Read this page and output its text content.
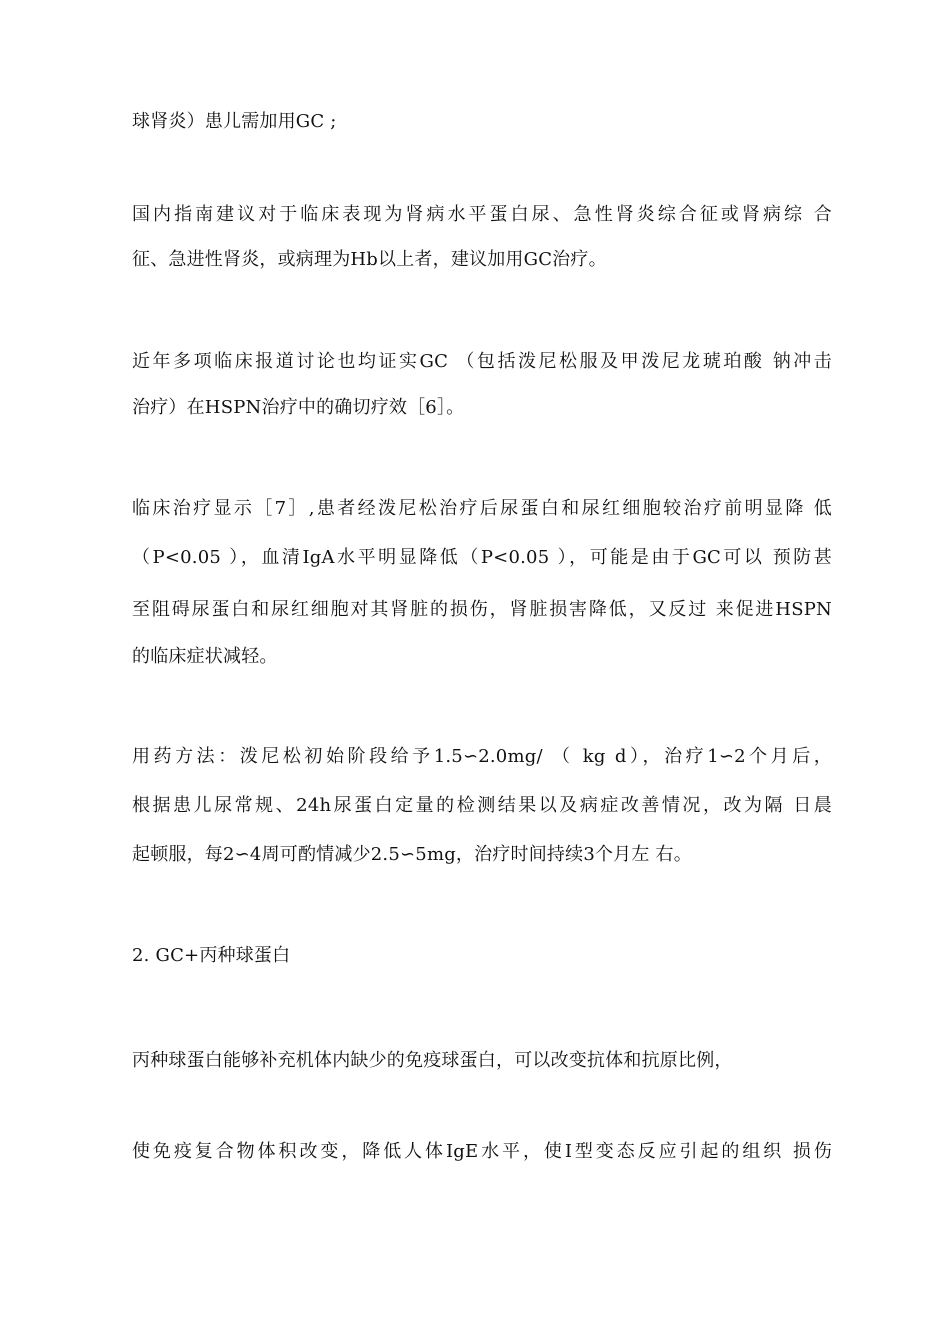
球肾炎）患儿需加用GC ;
国内指南建议对于临床表现为肾病水平蛋白尿、急性肾炎综合征或肾病综 合
征、急进性肾炎，或病理为Hb以上者，建议加用GC治疗。
近年多项临床报道讨论也均证实GC （包括泼尼松服及甲泼尼龙琥珀酸 钠冲击
治疗）在HSPN治疗中的确切疗效［6］。
临床治疗显示［7］,患者经泼尼松治疗后尿蛋白和尿红细胞较治疗前明显降 低
（P<0.05 ），血清IgA水平明显降低（P<0.05 ），可能是由于GC可以 预防甚
至阻碍尿蛋白和尿红细胞对其肾脏的损伤，肾脏损害降低，又反过 来促进HSPN
的临床症状减轻。
用药方法：泼尼松初始阶段给予1.5∽2.0mg/ （ kg d），治疗1∽2个月后，
根据患儿尿常规、24h尿蛋白定量的检测结果以及病症改善情况，改为隔 日晨
起顿服，每2∽4周可酌情减少2.5∽5mg，治疗时间持续3个月左 右。
2. GC+丙种球蛋白
丙种球蛋白能够补充机体内缺少的免疫球蛋白，可以改变抗体和抗原比例，
使免疫复合物体积改变，降低人体IgE水平，使I型变态反应引起的组织 损伤
